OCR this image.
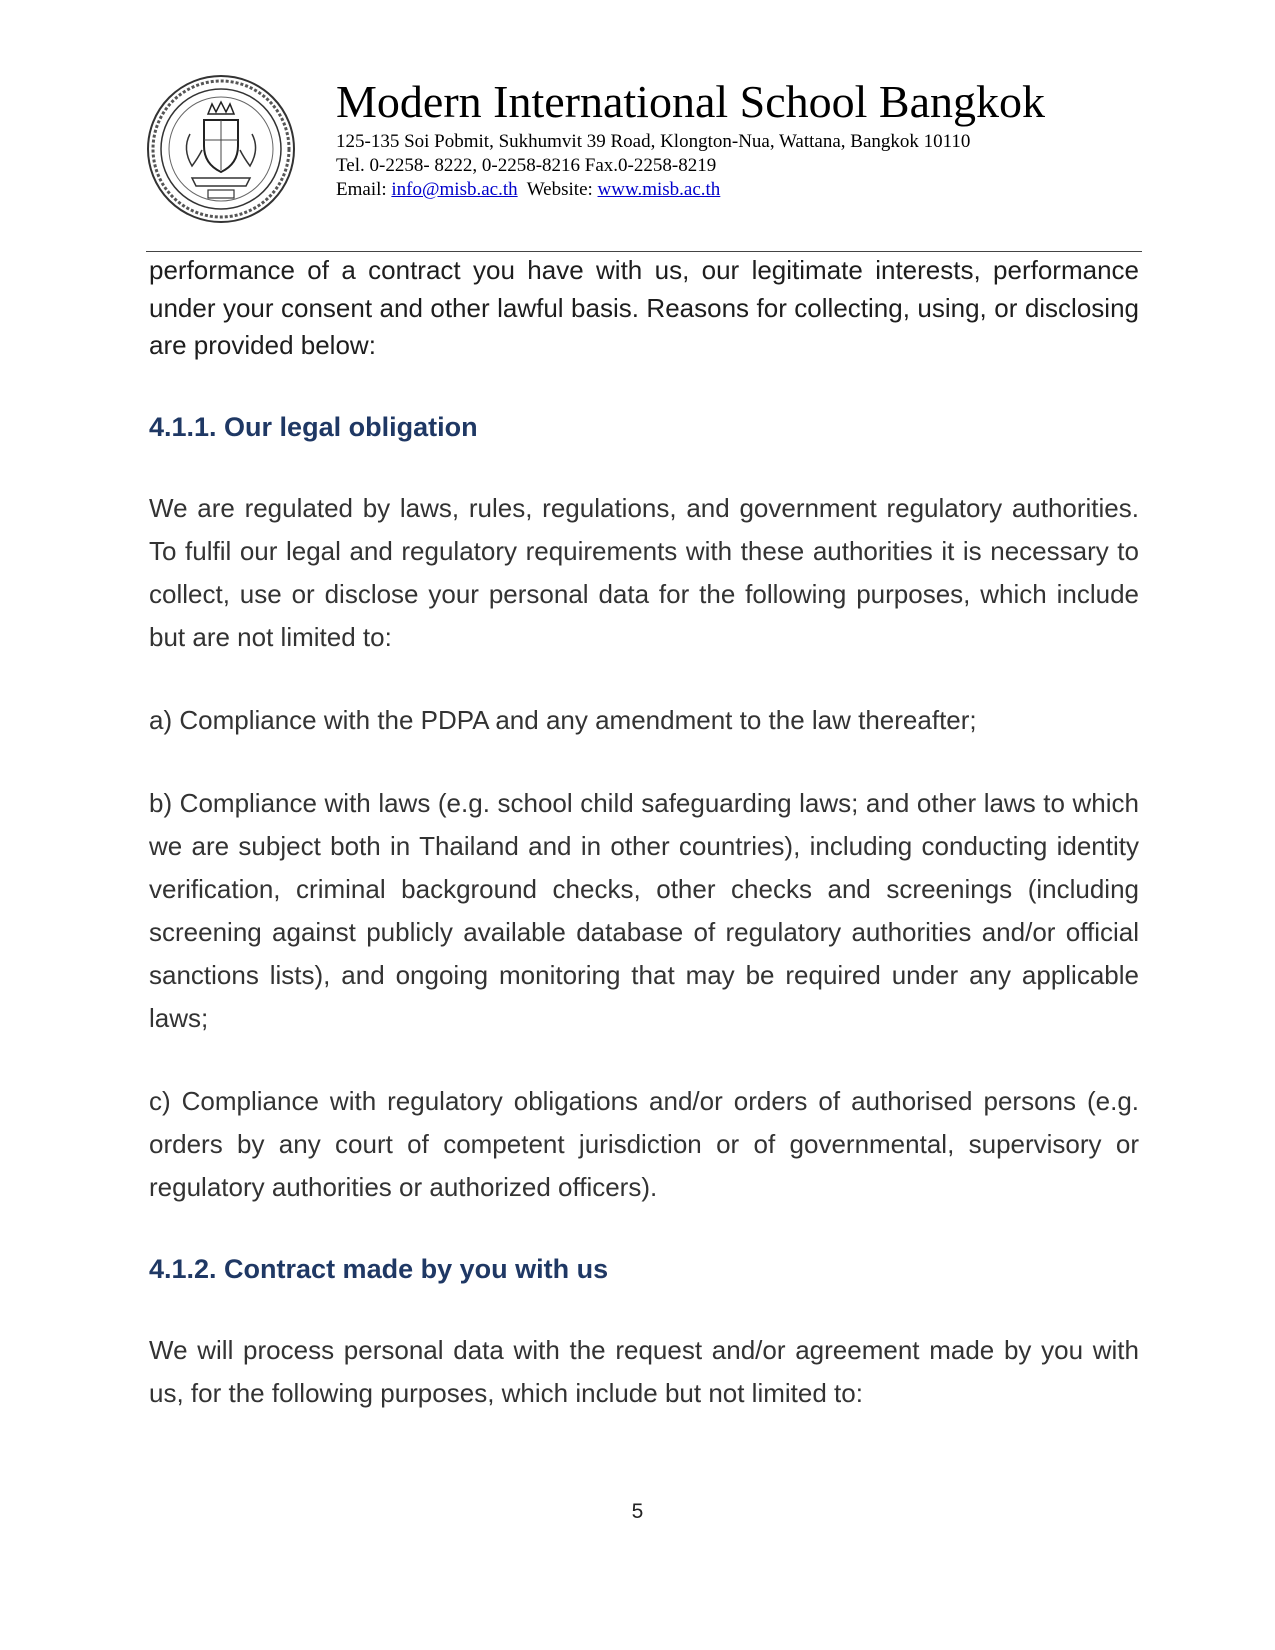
Modern International School Bangkok
125-135 Soi Pobmit, Sukhumvit 39 Road, Klongton-Nua, Wattana, Bangkok 10110
Tel. 0-2258- 8222, 0-2258-8216 Fax.0-2258-8219
Email: info@misb.ac.th  Website: www.misb.ac.th

performance of a contract you have with us, our legitimate interests, performance under your consent and other lawful basis. Reasons for collecting, using, or disclosing are provided below:

4.1.1. Our legal obligation

We are regulated by laws, rules, regulations, and government regulatory authorities. To fulfil our legal and regulatory requirements with these authorities it is necessary to collect, use or disclose your personal data for the following purposes, which include but are not limited to:

a) Compliance with the PDPA and any amendment to the law thereafter;

b) Compliance with laws (e.g. school child safeguarding laws; and other laws to which we are subject both in Thailand and in other countries), including conducting identity verification, criminal background checks, other checks and screenings (including screening against publicly available database of regulatory authorities and/or official sanctions lists), and ongoing monitoring that may be required under any applicable laws;

c) Compliance with regulatory obligations and/or orders of authorised persons (e.g. orders by any court of competent jurisdiction or of governmental, supervisory or regulatory authorities or authorized officers).

4.1.2. Contract made by you with us

We will process personal data with the request and/or agreement made by you with us, for the following purposes, which include but not limited to:

5
